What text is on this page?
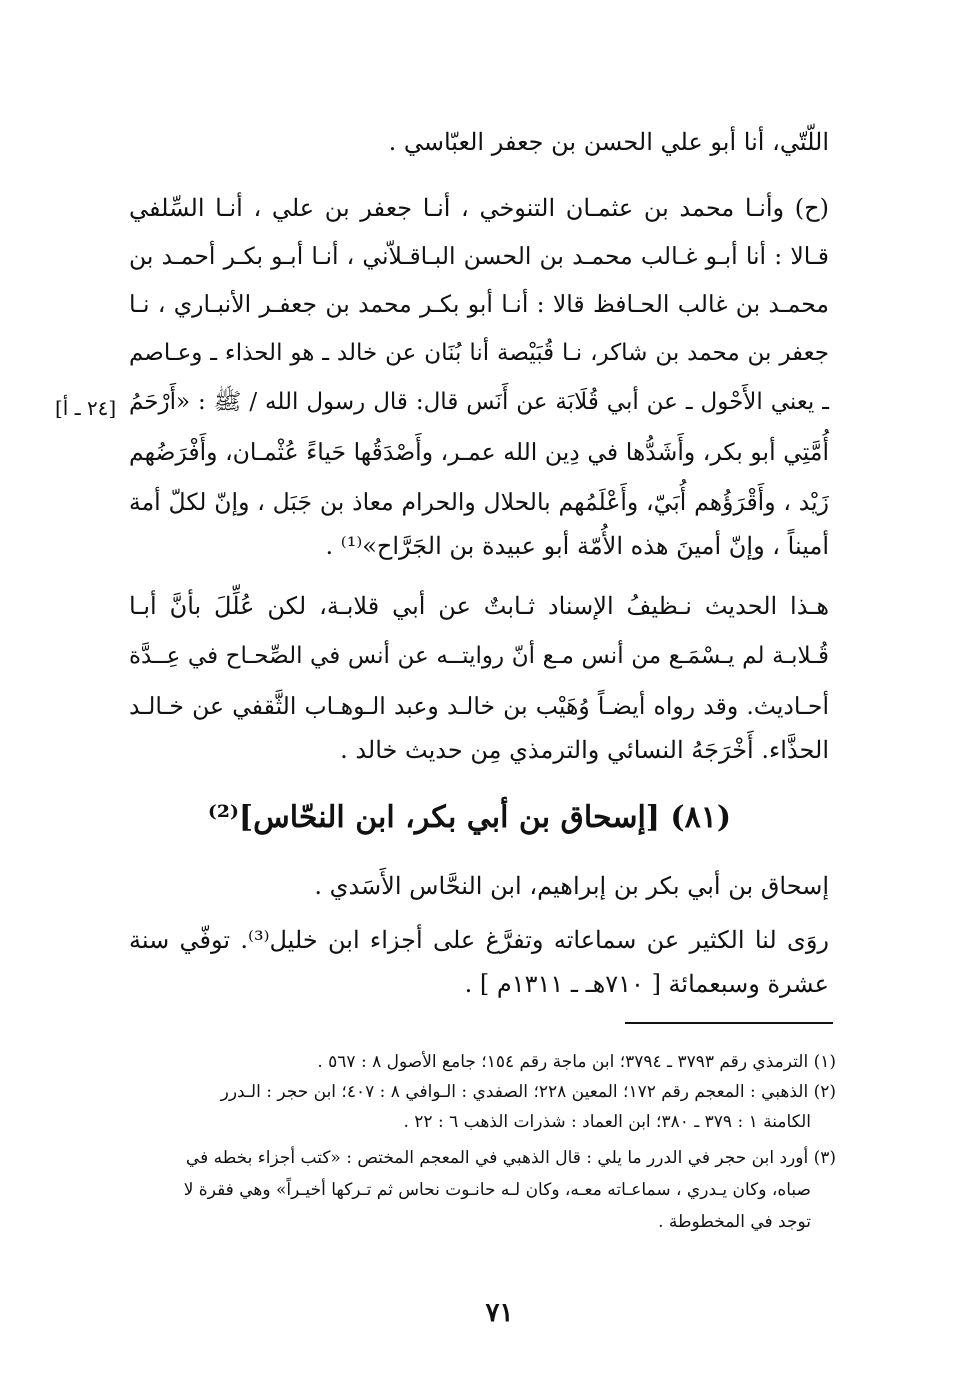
اللّتّي، أنا أبو علي الحسن بن جعفر العبّاسي .
(ح) وأنـا محمد بن عثمـان التنوخي ، أنـا جعفر بن علي ، أنـا السِّلفي
قـالا : أنا أبـو غـالب محمـد بن الحسن البـاقـلاّني ، أنـا أبـو بكـر أحمـد بن
محمـد بن غالب الحـافظ قالا : أنـا أبو بكـر محمد بن جعفـر الأنبـاري ، نـا
جعفر بن محمد بن شاكر، نـا قُبَيْصة أنا بُنَان عن خالد ـ هو الحذاء ـ وعـاصم
ـ يعني الأَحْول ـ عن أبي قُلَابَة عن أَنَس قال: قال رسول الله / ﷺ : «أَرْحَمُ
أُمَّتِي أبو بكر، وأَشَدُّها في دِين الله عمـر، وأَصْدَقُها حَياءً عُثْمـان، وأَفْرَضُهم
زَيْد ، وأَقْرَؤُهم أُبَيّ، وأَعْلَمُهم بالحلال والحرام معاذ بن جَبَل ، وإنّ لكلّ أمة
أميناً ، وإنّ أمينَ هذه الأُمّة أبو عبيدة بن الجَرَّاح»⁽¹⁾ .
[٢٤ ـ أ]
هـذا الحديث نـظيفُ الإسناد ثـابتٌ عن أبي قلابـة، لكن عُلِّلَ بأنَّ أبـا
قُـلابـة لم يـسْمَـع من أنس مـع أنّ روايتــه عن أنس في الصِّحـاح في عِــدَّة
أحـاديث. وقد رواه أيضـاً وُهَيْب بن خالـد وعبد الـوهـاب الثَّقفي عن خـالـد
الحذَّاء. أَخْرَجَهُ النسائي والترمذي مِن حديث خالد .
(٨١) [إسحاق بن أبي بكر، ابن النحّاس]⁽²⁾
إسحاق بن أبي بكر بن إبراهيم، ابن النحَّاس الأَسَدي .
روَى لنا الكثير عن سماعاته وتفرَّغ على أجزاء ابن خليل⁽³⁾. توفّي سنة
عشرة وسبعمائة [ ٧١٠هـ ـ ١٣١١م ] .
(١) الترمذي رقم ٣٧٩٣ ـ ٣٧٩٤؛ ابن ماجة رقم ١٥٤؛ جامع الأصول ٨ : ٥٦٧ .
(٢) الذهبي : المعجم رقم ١٧٢؛ المعين ٢٢٨؛ الصفدي : الـوافي ٨ : ٤٠٧؛ ابن حجر : الـدرر
الكامنة ١ : ٣٧٩ ـ ٣٨٠؛ ابن العماد : شذرات الذهب ٦ : ٢٢ .
(٣) أورد ابن حجر في الدرر ما يلي : قال الذهبي في المعجم المختص : «كتب أجزاء بخطه في
صباه، وكان يـدري ، سماعـاته معـه، وكان لـه حانـوت نحاس ثم تـركها أخيـراً» وهي فقرة لا
توجد في المخطوطة .
٧١
